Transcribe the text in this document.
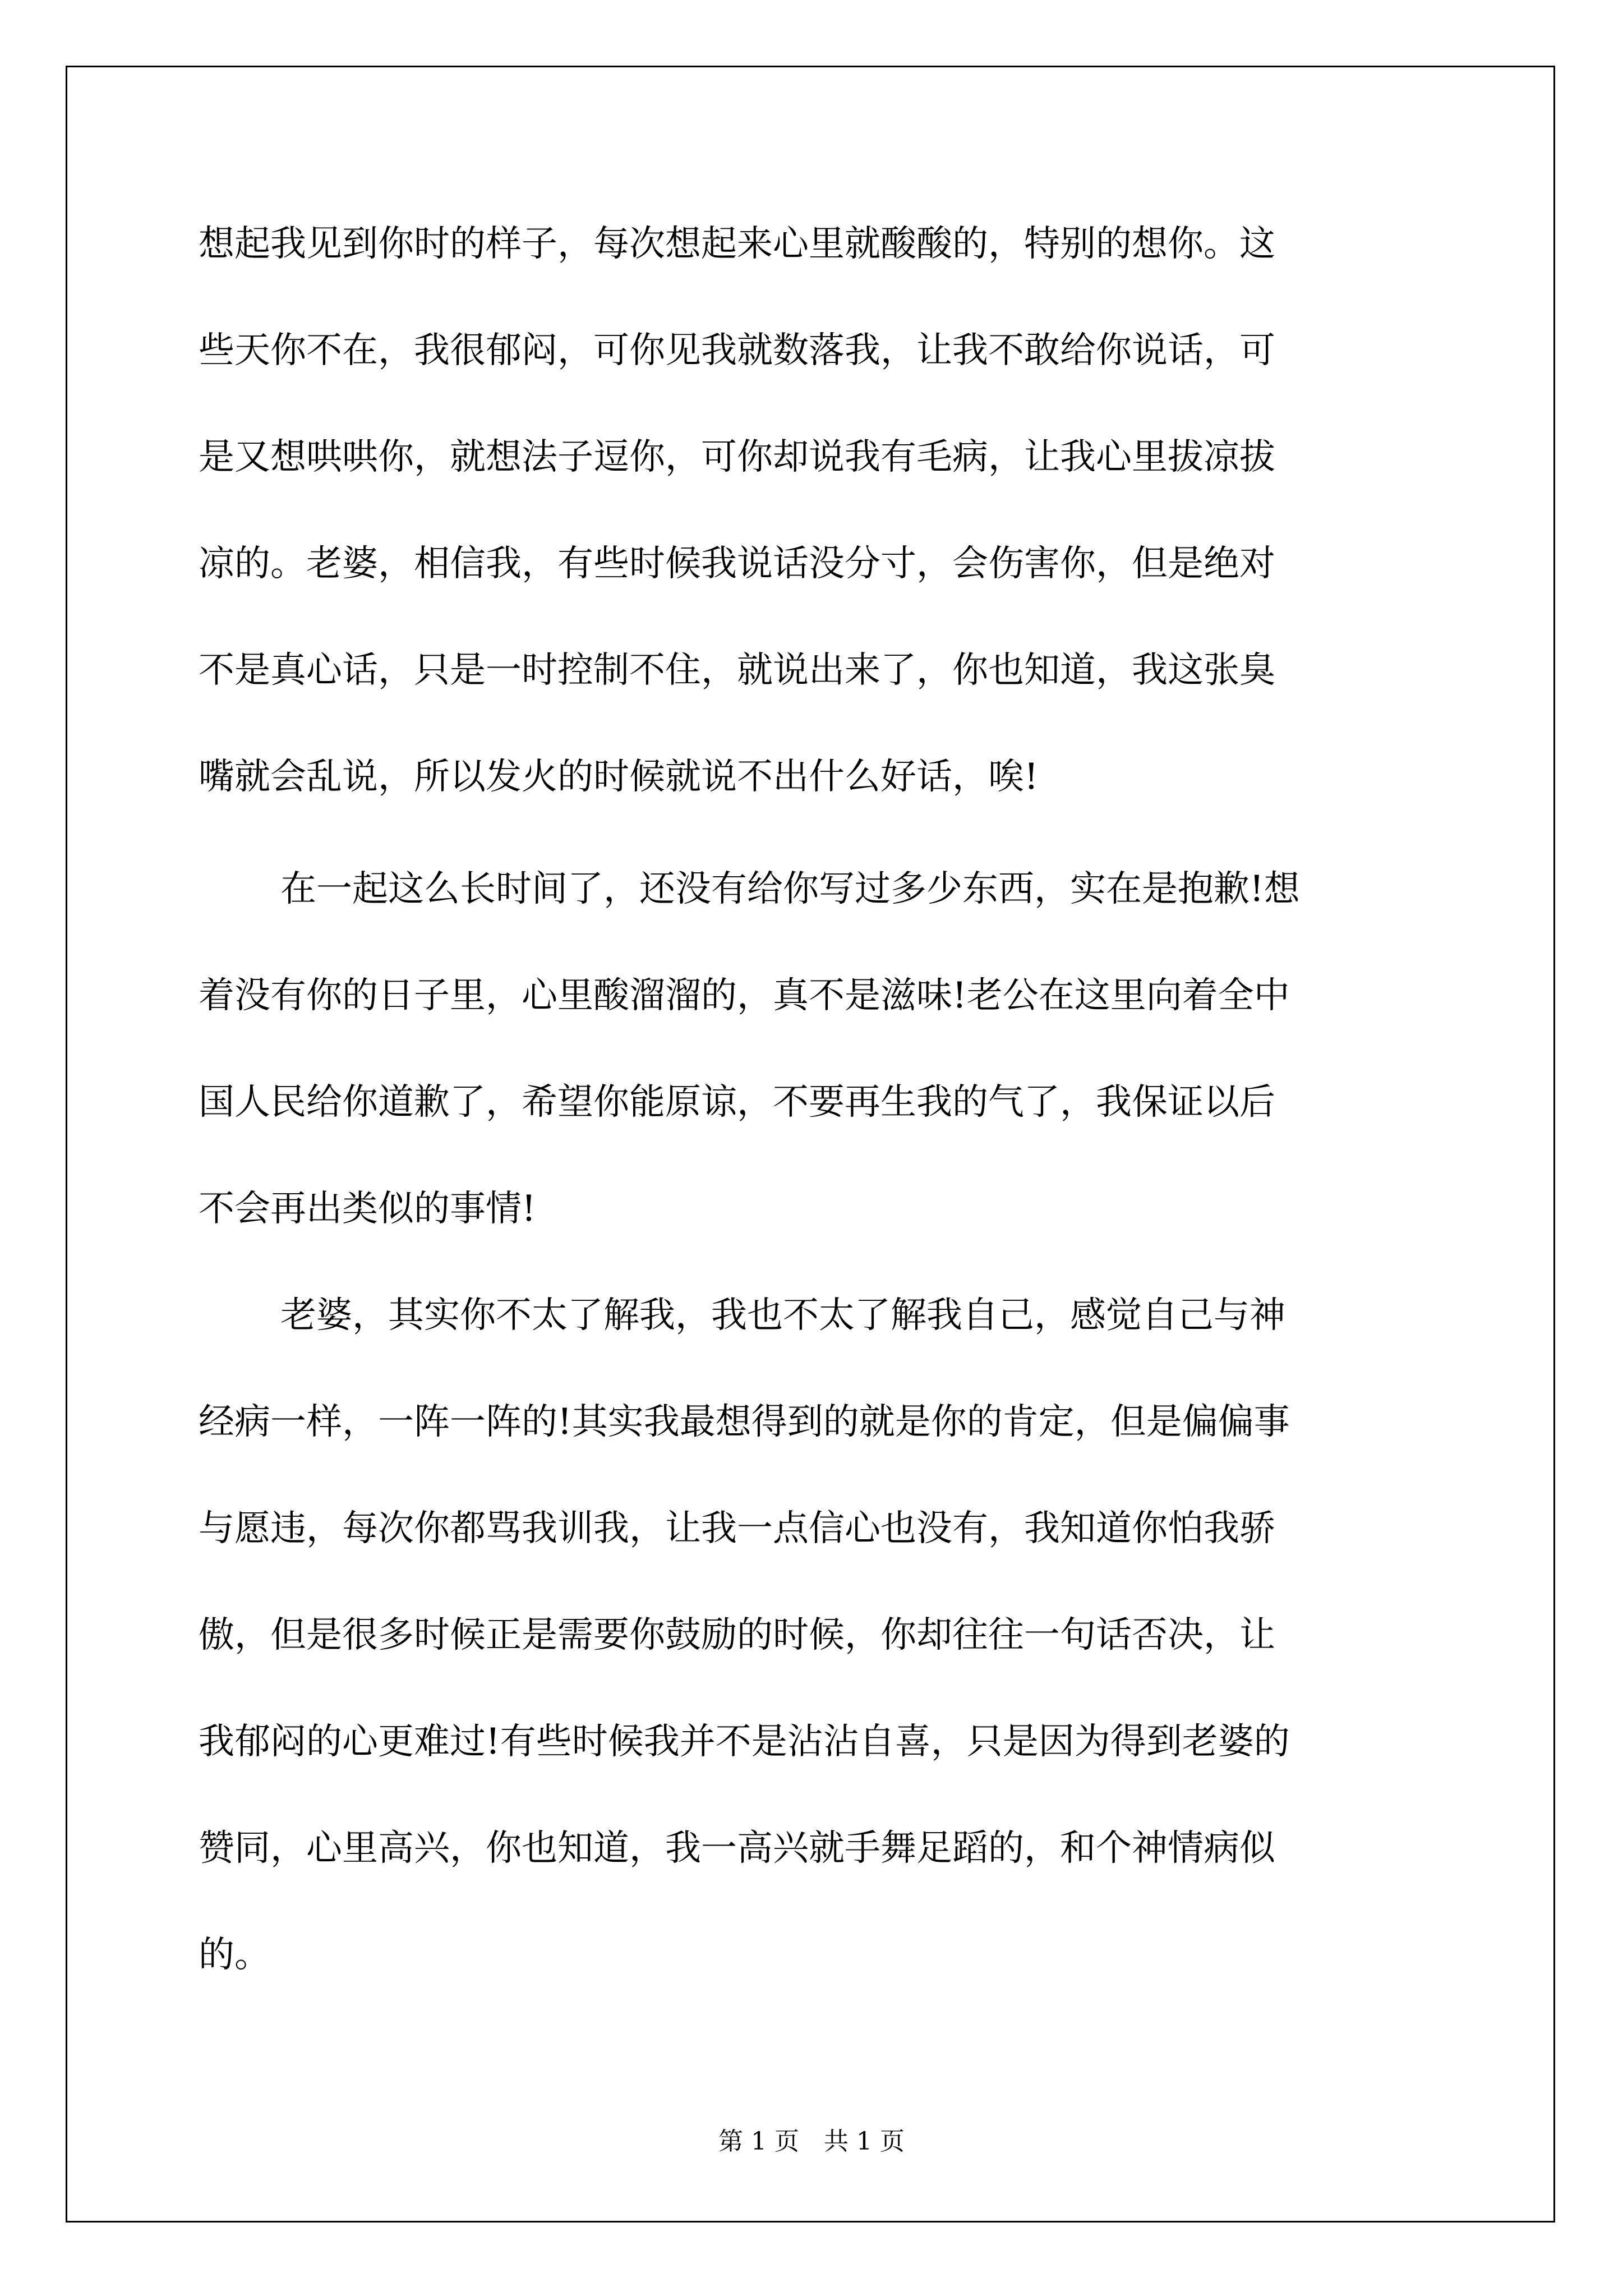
想起我见到你时的样子，每次想起来心里就酸酸的，特别的想你。这

些天你不在，我很郁闷，可你见我就数落我，让我不敢给你说话，可

是又想哄哄你，就想法子逗你，可你却说我有毛病，让我心里拔凉拔

凉的。老婆，相信我，有些时候我说话没分寸，会伤害你，但是绝对

不是真心话，只是一时控制不住，就说出来了，你也知道，我这张臭

嘴就会乱说，所以发火的时候就说不出什么好话，唉!

在一起这么长时间了，还没有给你写过多少东西，实在是抱歉!想

着没有你的日子里，心里酸溜溜的，真不是滋味!老公在这里向着全中

国人民给你道歉了，希望你能原谅，不要再生我的气了，我保证以后

不会再出类似的事情!

老婆，其实你不太了解我，我也不太了解我自己，感觉自己与神

经病一样，一阵一阵的!其实我最想得到的就是你的肯定，但是偏偏事

与愿违，每次你都骂我训我，让我一点信心也没有，我知道你怕我骄

傲，但是很多时候正是需要你鼓励的时候，你却往往一句话否决，让

我郁闷的心更难过!有些时候我并不是沾沾自喜，只是因为得到老婆的

赞同，心里高兴，你也知道，我一高兴就手舞足蹈的，和个神情病似

的。

第 1 页　共 1 页
